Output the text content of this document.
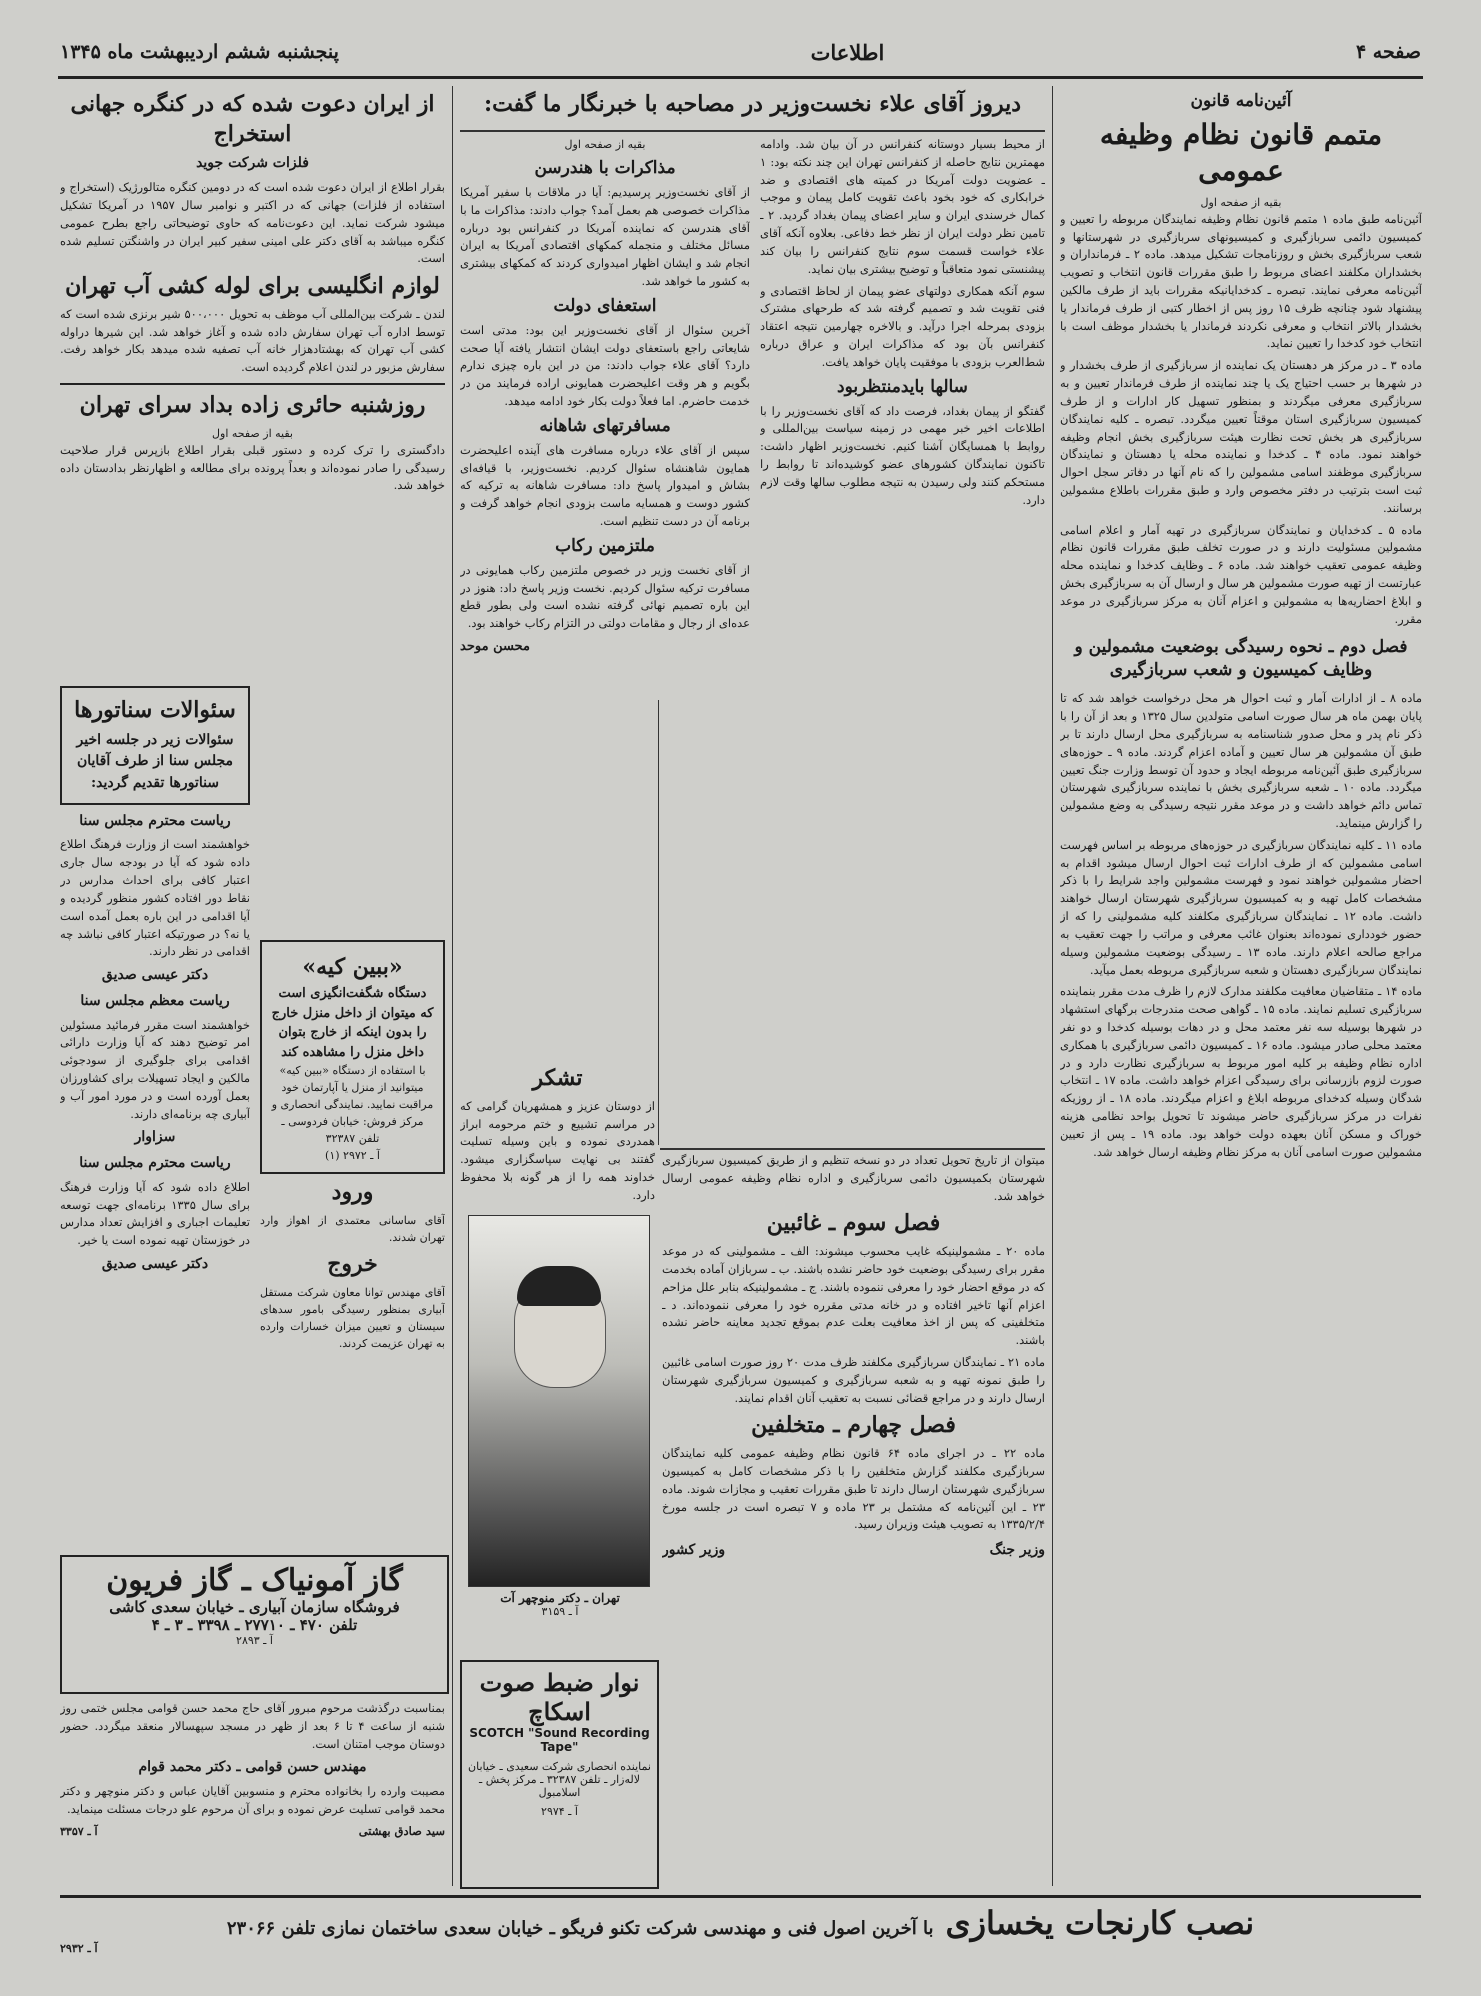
صفحه ۴
اطلاعات
پنجشنبه ششم اردیبهشت ماه ۱۳۴۵
آئین‌نامه قانون
متمم قانون نظام وظیفه عمومی
بقیه از صفحه اول

آئین‌نامه طبق ماده ۱ متمم قانون نظام وظیفه نمایندگان مربوطه را تعیین و کمیسیون دائمی سربازگیری و کمیسیونهای سربازگیری در شهرستانها و شعب سربازگیری بخش و روزنامجات تشکیل میدهد. ماده ۲ ـ فرمانداران و بخشداران مکلفند اعضای مربوط را طبق مقررات قانون انتخاب و تصویب آئین‌نامه معرفی نمایند. تبصره ـ کدخدایانیکه مقررات باید از طرف مالکین پیشنهاد شود چنانچه ظرف ۱۵ روز پس از اخطار کتبی از طرف فرماندار یا بخشدار بالاتر انتخاب و معرفی نکردند فرماندار یا بخشدار موظف است با انتخاب خود کدخدا را تعیین نماید.

ماده ۳ ـ در مرکز هر دهستان یک نماینده از سربازگیری از طرف بخشدار و در شهرها بر حسب احتیاج یک یا چند نماینده از طرف فرماندار تعیین و به سربازگیری معرفی میگردند و بمنظور تسهیل کار ادارات و از طرف کمیسیون سربازگیری استان موقتاً تعیین میگردد. تبصره ـ کلیه نمایندگان سربازگیری هر بخش تحت نظارت هیئت سربازگیری بخش انجام وظیفه خواهند نمود. ماده ۴ ـ کدخدا و نماینده محله یا دهستان و نمایندگان سربازگیری موظفند اسامی مشمولین را که نام آنها در دفاتر سجل احوال ثبت است بترتیب در دفتر مخصوص وارد و طبق مقررات باطلاع مشمولین برسانند.

ماده ۵ ـ کدخدایان و نمایندگان سربازگیری در تهیه آمار و اعلام اسامی مشمولین مسئولیت دارند و در صورت تخلف طبق مقررات قانون نظام وظیفه عمومی تعقیب خواهند شد. ماده ۶ ـ وظایف کدخدا و نماینده محله عبارتست از تهیه صورت مشمولین هر سال و ارسال آن به سربازگیری بخش و ابلاغ احضاریه‌ها به مشمولین و اعزام آنان به مرکز سربازگیری در موعد مقرر.

فصل دوم ـ نحوه رسیدگی بوضعیت مشمولین و وظایف کمیسیون و شعب سربازگیری

ماده ۸ ـ از ادارات آمار و ثبت احوال هر محل درخواست خواهد شد که تا پایان بهمن ماه هر سال صورت اسامی متولدین سال ۱۳۲۵ و بعد از آن را با ذکر نام پدر و محل صدور شناسنامه به سربازگیری محل ارسال دارند تا بر طبق آن مشمولین هر سال تعیین و آماده اعزام گردند. ماده ۹ ـ حوزه‌های سربازگیری طبق آئین‌نامه مربوطه ایجاد و حدود آن توسط وزارت جنگ تعیین میگردد. ماده ۱۰ ـ شعبه سربازگیری بخش با نماینده سربازگیری شهرستان تماس دائم خواهد داشت و در موعد مقرر نتیجه رسیدگی به وضع مشمولین را گزارش مینماید.

ماده ۱۱ ـ کلیه نمایندگان سربازگیری در حوزه‌های مربوطه بر اساس فهرست اسامی مشمولین که از طرف ادارات ثبت احوال ارسال میشود اقدام به احضار مشمولین خواهند نمود و فهرست مشمولین واجد شرایط را با ذکر مشخصات کامل تهیه و به کمیسیون سربازگیری شهرستان ارسال خواهند داشت. ماده ۱۲ ـ نمایندگان سربازگیری مکلفند کلیه مشمولینی را که از حضور خودداری نموده‌اند بعنوان غائب معرفی و مراتب را جهت تعقیب به مراجع صالحه اعلام دارند. ماده ۱۳ ـ رسیدگی بوضعیت مشمولین وسیله نمایندگان سربازگیری دهستان و شعبه سربازگیری مربوطه بعمل میآید.

ماده ۱۴ ـ متقاضیان معافیت مکلفند مدارک لازم را ظرف مدت مقرر بنماینده سربازگیری تسلیم نمایند. ماده ۱۵ ـ گواهی صحت مندرجات برگهای استشهاد در شهرها بوسیله سه نفر معتمد محل و در دهات بوسیله کدخدا و دو نفر معتمد محلی صادر میشود. ماده ۱۶ ـ کمیسیون دائمی سربازگیری با همکاری اداره نظام وظیفه بر کلیه امور مربوط به سربازگیری نظارت دارد و در صورت لزوم بازرسانی برای رسیدگی اعزام خواهد داشت. ماده ۱۷ ـ انتخاب شدگان وسیله کدخدای مربوطه ابلاغ و اعزام میگردند. ماده ۱۸ ـ از روزیکه نفرات در مرکز سربازگیری حاضر میشوند تا تحویل بواحد نظامی هزینه خوراک و مسکن آنان بعهده دولت خواهد بود. ماده ۱۹ ـ پس از تعیین مشمولین صورت اسامی آنان به مرکز نظام وظیفه ارسال خواهد شد.

دیروز آقای علاء نخست‌وزیر در مصاحبه با خبرنگار ما گفت:

از محیط بسیار دوستانه کنفرانس در آن بیان شد. وادامه مهمترین نتایج حاصله از کنفرانس تهران این چند نکته بود: ۱ ـ عضویت دولت آمریکا در کمیته های اقتصادی و ضد خرابکاری که خود بخود باعث تقویت کامل پیمان و موجب کمال خرسندی ایران و سایر اعضای پیمان بغداد گردید. ۲ ـ تامین نظر دولت ایران از نظر خط دفاعی. بعلاوه آنکه آقای علاء خواست قسمت سوم نتایج کنفرانس را بیان کند پیشنستی نمود متعاقباً و توضیح بیشتری بیان نماید.

سوم آنکه همکاری دولتهای عضو پیمان از لحاظ اقتصادی و فنی تقویت شد و تصمیم گرفته شد که طرحهای مشترک بزودی بمرحله اجرا درآید. و بالاخره چهارمین نتیجه اعتقاد کنفرانس بآن بود که مذاکرات ایران و عراق درباره شط‌العرب بزودی با موفقیت پایان خواهد یافت.

سالها بایدمنتظربود

گفتگو از پیمان بغداد، فرصت داد که آقای نخست‌وزیر را با اطلاعات اخیر خبر مهمی در زمینه سیاست بین‌المللی و روابط با همسایگان آشنا کنیم. نخست‌وزیر اظهار داشت: تاکنون نمایندگان کشورهای عضو کوشیده‌اند تا روابط را مستحکم کنند ولی رسیدن به نتیجه مطلوب سالها وقت لازم دارد.

بقیه از صفحه اول
مذاکرات با هندرسن

از آقای نخست‌وزیر پرسیدیم: آیا در ملاقات با سفیر آمریکا مذاکرات خصوصی هم بعمل آمد؟ جواب دادند: مذاکرات ما با آقای هندرسن که نماینده آمریکا در کنفرانس بود درباره مسائل مختلف و منجمله کمکهای اقتصادی آمریکا به ایران انجام شد و ایشان اظهار امیدواری کردند که کمکهای بیشتری به کشور ما خواهد شد.

استعفای دولت

آخرین سئوال از آقای نخست‌وزیر این بود: مدتی است شایعاتی راجع باستعفای دولت ایشان انتشار یافته آیا صحت دارد؟ آقای علاء جواب دادند: من در این باره چیزی ندارم بگویم و هر وقت اعلیحضرت همایونی اراده فرمایند من در خدمت حاضرم. اما فعلاً دولت بکار خود ادامه میدهد.

مسافرتهای شاهانه

سپس از آقای علاء درباره مسافرت های آینده اعلیحضرت همایون شاهنشاه سئوال کردیم. نخست‌وزیر، با قیافه‌ای بشاش و امیدوار پاسخ داد: مسافرت شاهانه به ترکیه که کشور دوست و همسایه ماست بزودی انجام خواهد گرفت و برنامه آن در دست تنظیم است.

ملتزمین رکاب

از آقای نخست وزیر در خصوص ملتزمین رکاب همایونی در مسافرت ترکیه سئوال کردیم. نخست وزیر پاسخ داد: هنوز در این باره تصمیم نهائی گرفته نشده است ولی بطور قطع عده‌ای از رجال و مقامات دولتی در التزام رکاب خواهند بود.

محسن موحد

میتوان از تاریخ تحویل تعداد در دو نسخه تنظیم و از طریق کمیسیون سربازگیری شهرستان بکمیسیون دائمی سربازگیری و اداره نظام وظیفه عمومی ارسال خواهد شد.

فصل سوم ـ غائبین

ماده ۲۰ ـ مشمولینیکه غایب محسوب میشوند: الف ـ مشمولینی که در موعد مقرر برای رسیدگی بوضعیت خود حاضر نشده باشند. ب ـ سربازان آماده بخدمت که در موقع احضار خود را معرفی ننموده باشند. ج ـ مشمولینیکه بنابر علل مزاحم اعزام آنها تاخیر افتاده و در خانه مدتی مقرره خود را معرفی ننموده‌اند. د ـ متخلفینی که پس از اخذ معافیت بعلت عدم بموقع تجدید معاینه حاضر نشده باشند.

ماده ۲۱ ـ نمایندگان سربازگیری مکلفند ظرف مدت ۲۰ روز صورت اسامی غائبین را طبق نمونه تهیه و به شعبه سربازگیری و کمیسیون سربازگیری شهرستان ارسال دارند و در مراجع قضائی نسبت به تعقیب آنان اقدام نمایند.

فصل چهارم ـ متخلفین

ماده ۲۲ ـ در اجرای ماده ۶۴ قانون نظام وظیفه عمومی کلیه نمایندگان سربازگیری مکلفند گزارش متخلفین را با ذکر مشخصات کامل به کمیسیون سربازگیری شهرستان ارسال دارند تا طبق مقررات تعقیب و مجازات شوند. ماده ۲۳ ـ این آئین‌نامه که مشتمل بر ۲۳ ماده و ۷ تبصره است در جلسه مورخ ۱۳۳۵/۲/۴ به تصویب هیئت وزیران رسید.

وزیر جنگ
وزیر کشور
تشکر

از دوستان عزیز و همشهریان گرامی که در مراسم تشییع و ختم مرحومه ابراز همدردی نموده و باین وسیله تسلیت گفتند بی نهایت سپاسگزاری میشود. خداوند همه را از هر گونه بلا محفوظ دارد.

تهران ـ دکتر منوچهر آت
آ ـ ۳۱۵۹
نوار ضبط صوت اسکاچ
SCOTCH "Sound Recording Tape"
نماینده انحصاری شرکت سعیدی ـ خیابان لاله‌زار ـ تلفن ۳۲۳۸۷ ـ مرکز پخش ـ اسلامبول
آ ـ ۲۹۷۴
«ببین کیه»
دستگاه شگفت‌انگیزی است که میتوان از داخل منزل خارج را بدون اینکه از خارج بتوان داخل منزل را مشاهده کند
با استفاده از دستگاه «ببین کیه» میتوانید از منزل یا آپارتمان خود مراقبت نمایید. نمایندگی انحصاری و مرکز فروش: خیابان فردوسی ـ تلفن ۳۲۳۸۷
آ ـ ۲۹۷۲ (۱)
ورود

آقای ساسانی معتمدی از اهواز وارد تهران شدند.

خروج

آقای مهندس توانا معاون شرکت مستقل آبیاری بمنظور رسیدگی بامور سدهای سیستان و تعیین میزان خسارات وارده به تهران عزیمت کردند.

از ایران دعوت شده که در کنگره جهانی استخراج
فلزات شرکت جوید

بقرار اطلاع از ایران دعوت شده است که در دومین کنگره متالورژیک (استخراج و استفاده از فلزات) جهانی که در اکتبر و نوامبر سال ۱۹۵۷ در آمریکا تشکیل میشود شرکت نماید. این دعوت‌نامه که حاوی توضیحاتی راجع بطرح عمومی کنگره میباشد به آقای دکتر علی امینی سفیر کبیر ایران در واشنگتن تسلیم شده است.

لوازم انگلیسی برای لوله کشی آب تهران

لندن ـ شرکت بین‌المللی آب موظف به تحویل ۵۰۰،۰۰۰ شیر برنزی شده است که توسط اداره آب تهران سفارش داده شده و آغاز خواهد شد. این شیرها دراوله کشی آب تهران که بهشتادهزار خانه آب تصفیه شده میدهد بکار خواهد رفت. سفارش مزبور در لندن اعلام گردیده است.

روزشنبه حائری زاده بداد سرای تهران
بقیه از صفحه اول

دادگستری را ترک کرده و دستور قبلی بقرار اطلاع بازپرس قرار صلاحیت رسیدگی را صادر نموده‌اند و بعداً پرونده برای مطالعه و اظهارنظر بدادستان داده خواهد شد.

سئوالات سناتورها
سئوالات زیر در جلسه اخیر مجلس سنا از طرف آقایان سناتورها تقدیم گردید:
ریاست محترم مجلس سنا

خواهشمند است از وزارت فرهنگ اطلاع داده شود که آیا در بودجه سال جاری اعتبار کافی برای احداث مدارس در نقاط دور افتاده کشور منظور گردیده و آیا اقدامی در این باره بعمل آمده است یا نه؟ در صورتیکه اعتبار کافی نباشد چه اقدامی در نظر دارند.

دکتر عیسی صدیق
ریاست معظم مجلس سنا

خواهشمند است مقرر فرمائید مسئولین امر توضیح دهند که آیا وزارت دارائی اقدامی برای جلوگیری از سودجوئی مالکین و ایجاد تسهیلات برای کشاورزان بعمل آورده است و در مورد امور آب و آبیاری چه برنامه‌ای دارند.

سزاوار
ریاست محترم مجلس سنا

اطلاع داده شود که آیا وزارت فرهنگ برای سال ۱۳۳۵ برنامه‌ای جهت توسعه تعلیمات اجباری و افزایش تعداد مدارس در خوزستان تهیه نموده است یا خیر.

دکتر عیسی صدیق
گاز آمونیاک ـ گاز فریون
فروشگاه سازمان آبیاری ـ خیابان سعدی کاشی
تلفن ۴۷۰ ـ ۲۷۷۱۰ ـ ۳۳۹۸ ـ ۳ ـ ۴
آ ـ ۲۸۹۳

بمناسبت درگذشت مرحوم مبرور آقای حاج محمد حسن قوامی مجلس ختمی روز شنبه از ساعت ۴ تا ۶ بعد از ظهر در مسجد سپهسالار منعقد میگردد. حضور دوستان موجب امتنان است.

مهندس حسن قوامی ـ دکتر محمد قوام

مصیبت وارده را بخانواده محترم و منسوبین آقایان عباس و دکتر منوچهر و دکتر محمد قوامی تسلیت عرض نموده و برای آن مرحوم علو درجات مسئلت مینماید.

سید صادق بهشتی
آ ـ ۳۳۵۷
نصب کارنجات یخسازی
با آخرین اصول فنی و مهندسی شرکت تکنو فریگو ـ خیابان سعدی ساختمان نمازی تلفن ۲۳۰۶۶
آ ـ ۲۹۳۲
